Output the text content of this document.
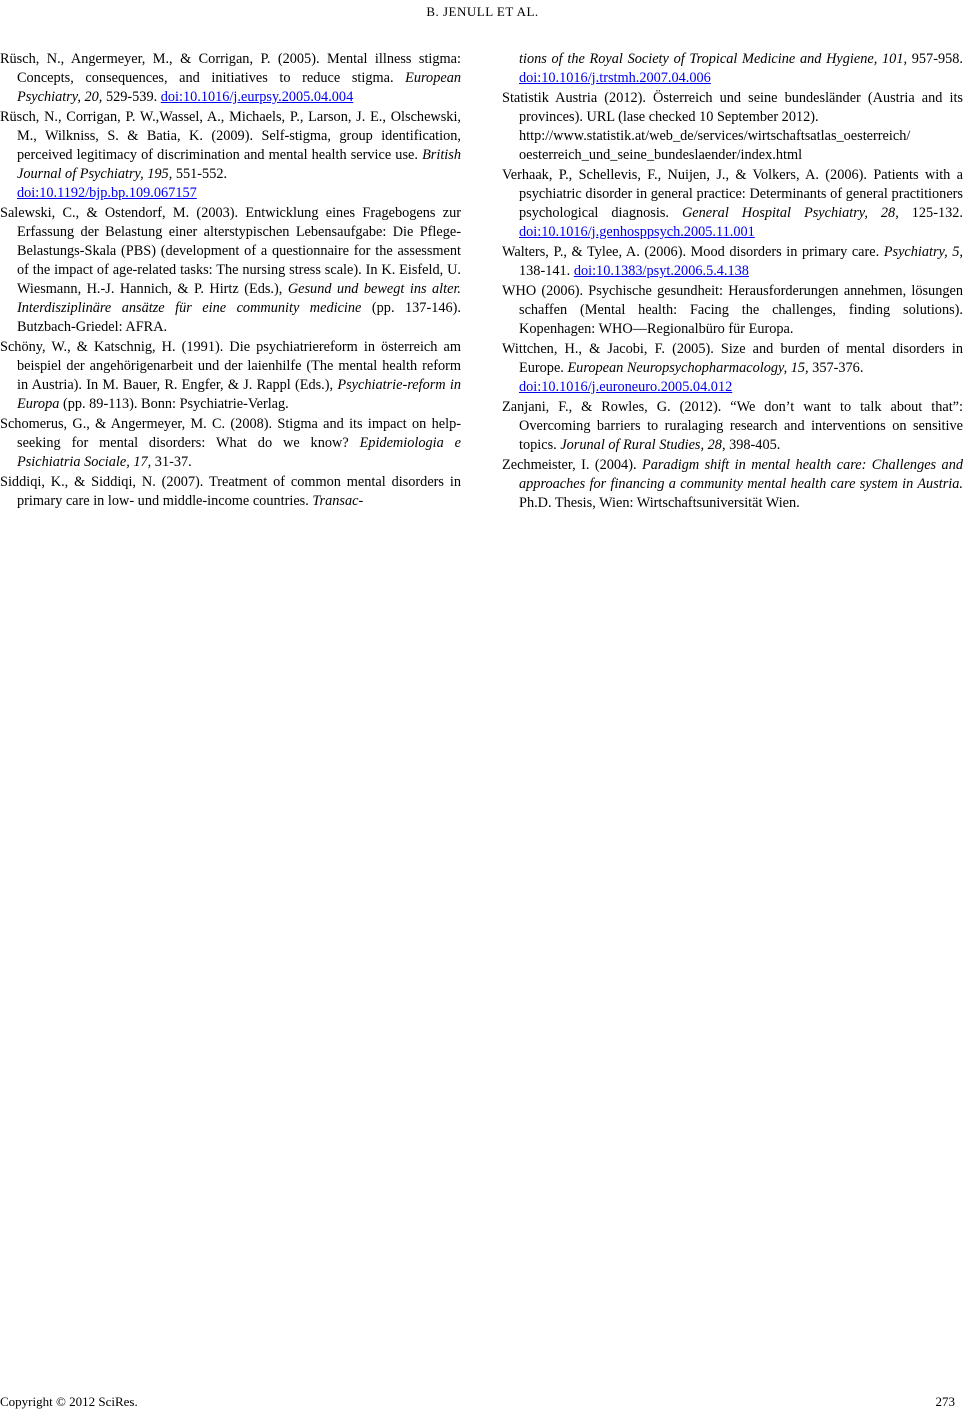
B. JENULL ET AL.

Rüsch, N., Angermeyer, M., & Corrigan, P. (2005). Mental illness stigma: Concepts, consequences, and initiatives to reduce stigma. European Psychiatry, 20, 529-539. doi:10.1016/j.eurpsy.2005.04.004

Rüsch, N., Corrigan, P. W.,Wassel, A., Michaels, P., Larson, J. E., Olschewski, M., Wilkniss, S. & Batia, K. (2009). Self-stigma, group identification, perceived legitimacy of discrimination and mental health service use. British Journal of Psychiatry, 195, 551-552.
doi:10.1192/bjp.bp.109.067157

Salewski, C., & Ostendorf, M. (2003). Entwicklung eines Fragebogens zur Erfassung der Belastung einer alterstypischen Lebensaufgabe: Die Pflege-Belastungs-Skala (PBS) (development of a questionnaire for the assessment of the impact of age-related tasks: The nursing stress scale). In K. Eisfeld, U. Wiesmann, H.-J. Hannich, & P. Hirtz (Eds.), Gesund und bewegt ins alter. Interdisziplinäre ansätze für eine community medicine (pp. 137-146). Butzbach-Griedel: AFRA.

Schöny, W., & Katschnig, H. (1991). Die psychiatriereform in österreich am beispiel der angehörigenarbeit und der laienhilfe (The mental health reform in Austria). In M. Bauer, R. Engfer, & J. Rappl (Eds.), Psychiatrie-reform in Europa (pp. 89-113). Bonn: Psychiatrie-Verlag.

Schomerus, G., & Angermeyer, M. C. (2008). Stigma and its impact on help-seeking for mental disorders: What do we know? Epidemiologia e Psichiatria Sociale, 17, 31-37.

Siddiqi, K., & Siddiqi, N. (2007). Treatment of common mental disorders in primary care in low- und middle-income countries. Transac-

tions of the Royal Society of Tropical Medicine and Hygiene, 101, 957-958. doi:10.1016/j.trstmh.2007.04.006

Statistik Austria (2012). Österreich und seine bundesländer (Austria and its provinces). URL (lase checked 10 September 2012).
http://www.statistik.at/web_de/services/wirtschaftsatlas_oesterreich/
oesterreich_und_seine_bundeslaender/index.html

Verhaak, P., Schellevis, F., Nuijen, J., & Volkers, A. (2006). Patients with a psychiatric disorder in general practice: Determinants of general practitioners psychological diagnosis. General Hospital Psychiatry, 28, 125-132. doi:10.1016/j.genhosppsych.2005.11.001

Walters, P., & Tylee, A. (2006). Mood disorders in primary care. Psychiatry, 5, 138-141. doi:10.1383/psyt.2006.5.4.138

WHO (2006). Psychische gesundheit: Herausforderungen annehmen, lösungen schaffen (Mental health: Facing the challenges, finding solutions). Kopenhagen: WHO—Regionalbüro für Europa.

Wittchen, H., & Jacobi, F. (2005). Size and burden of mental disorders in Europe. European Neuropsychopharmacology, 15, 357-376.
doi:10.1016/j.euroneuro.2005.04.012

Zanjani, F., & Rowles, G. (2012). “We don’t want to talk about that”: Overcoming barriers to ruralaging research and interventions on sensitive topics. Jorunal of Rural Studies, 28, 398-405.

Zechmeister, I. (2004). Paradigm shift in mental health care: Challenges and approaches for financing a community mental health care system in Austria. Ph.D. Thesis, Wien: Wirtschaftsuniversität Wien.

Copyright © 2012 SciRes.	273
